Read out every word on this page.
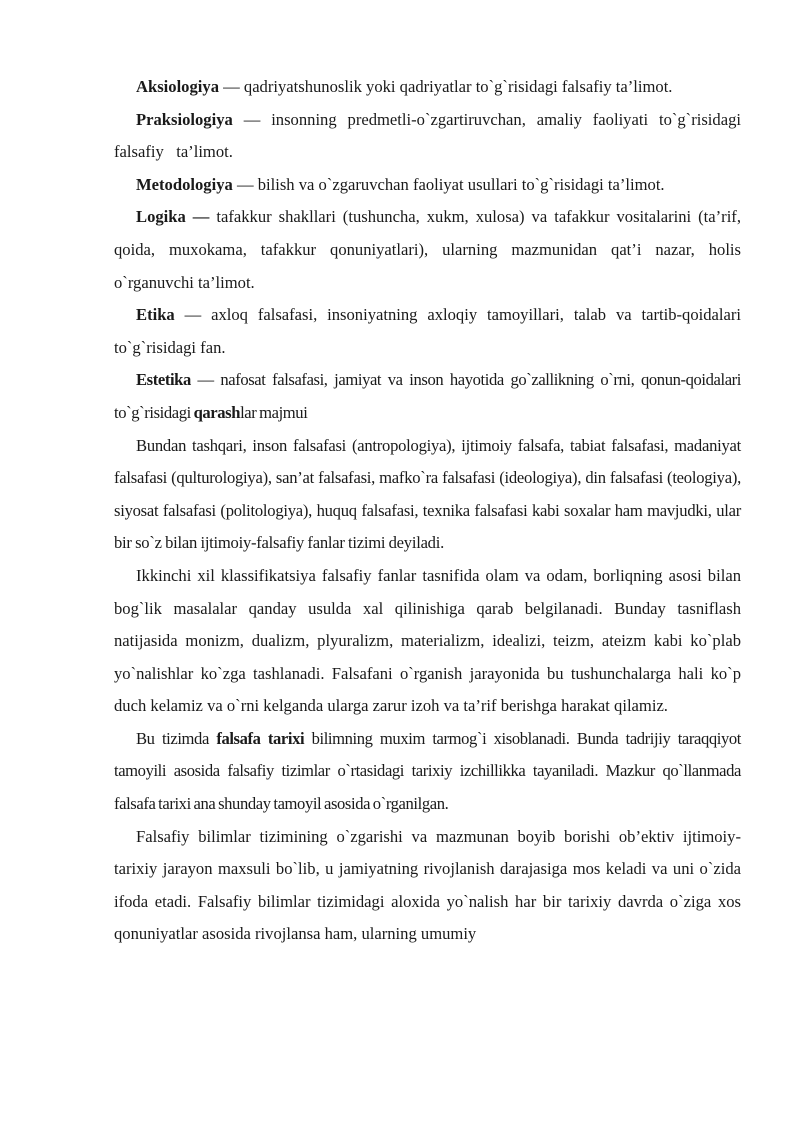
Aksiologiya — qadriyatshunoslik yoki qadriyatlar to`g`risidagi falsafiy ta’limot.

Praksiologiya — insonning predmetli-o`zgartiruvchan, amaliy faoliyati to`g`risidagi falsafiy   ta’limot.

Metodologiya — bilish va o`zgaruvchan faoliyat usullari to`g`risidagi ta’limot.

Logika — tafakkur shakllari (tushuncha, xukm, xulosa) va tafakkur vositalarini (ta’rif, qoida, muxokama, tafakkur qonuniyatlari), ularning mazmunidan qat’i nazar, holis o`rganuvchi ta’limot.

Etika — axloq falsafasi, insoniyatning axloqiy tamoyillari, talab va tartib-qoidalari to`g`risidagi fan.

Estetika — nafosat falsafasi, jamiyat va inson hayotida go`zallikning o`rni, qonun-qoidalari to`g`risidagi qarashlar majmui

Bundan tashqari, inson falsafasi (antropologiya), ijtimoiy falsafa, tabiat falsafasi, madaniyat falsafasi (qulturologiya), san’at falsafasi, mafko`ra falsafasi (ideologiya), din falsafasi (teologiya), siyosat falsafasi (politologiya), huquq falsafasi, texnika falsafasi kabi soxalar ham mavjudki, ular bir so`z bilan ijtimoiy-falsafiy fanlar tizimi deyiladi.

Ikkinchi xil klassifikatsiya falsafiy fanlar tasnifida olam va odam, borliqning asosi bilan bog`lik masalalar qanday usulda xal qilinishiga qarab belgilanadi. Bunday tasniflash natijasida monizm, dualizm, plyuralizm, materializm, idealizi, teizm, ateizm kabi ko`plab yo`nalishlar ko`zga tashlanadi. Falsafani o`rganish jarayonida bu tushunchalarga hali ko`p duch kelamiz va o`rni kelganda ularga zarur izoh va ta’rif berishga harakat qilamiz.

Bu tizimda falsafa tarixi bilimning muxim tarmog`i xisoblanadi. Bunda tadrijiy taraqqiyot tamoyili asosida falsafiy tizimlar o`rtasidagi tarixiy izchillikka tayaniladi. Mazkur qo`llanmada falsafa tarixi ana shunday tamoyil asosida o`rganilgan.

Falsafiy bilimlar tizimining o`zgarishi va mazmunan boyib borishi ob’ektiv ijtimoiy-tarixiy jarayon maxsuli bo`lib, u jamiyatning rivojlanish darajasiga mos keladi va uni o`zida ifoda etadi. Falsafiy bilimlar tizimidagi aloxida yo`nalish har bir tarixiy davrda o`ziga xos qonuniyatlar asosida rivojlansa ham, ularning umumiy
